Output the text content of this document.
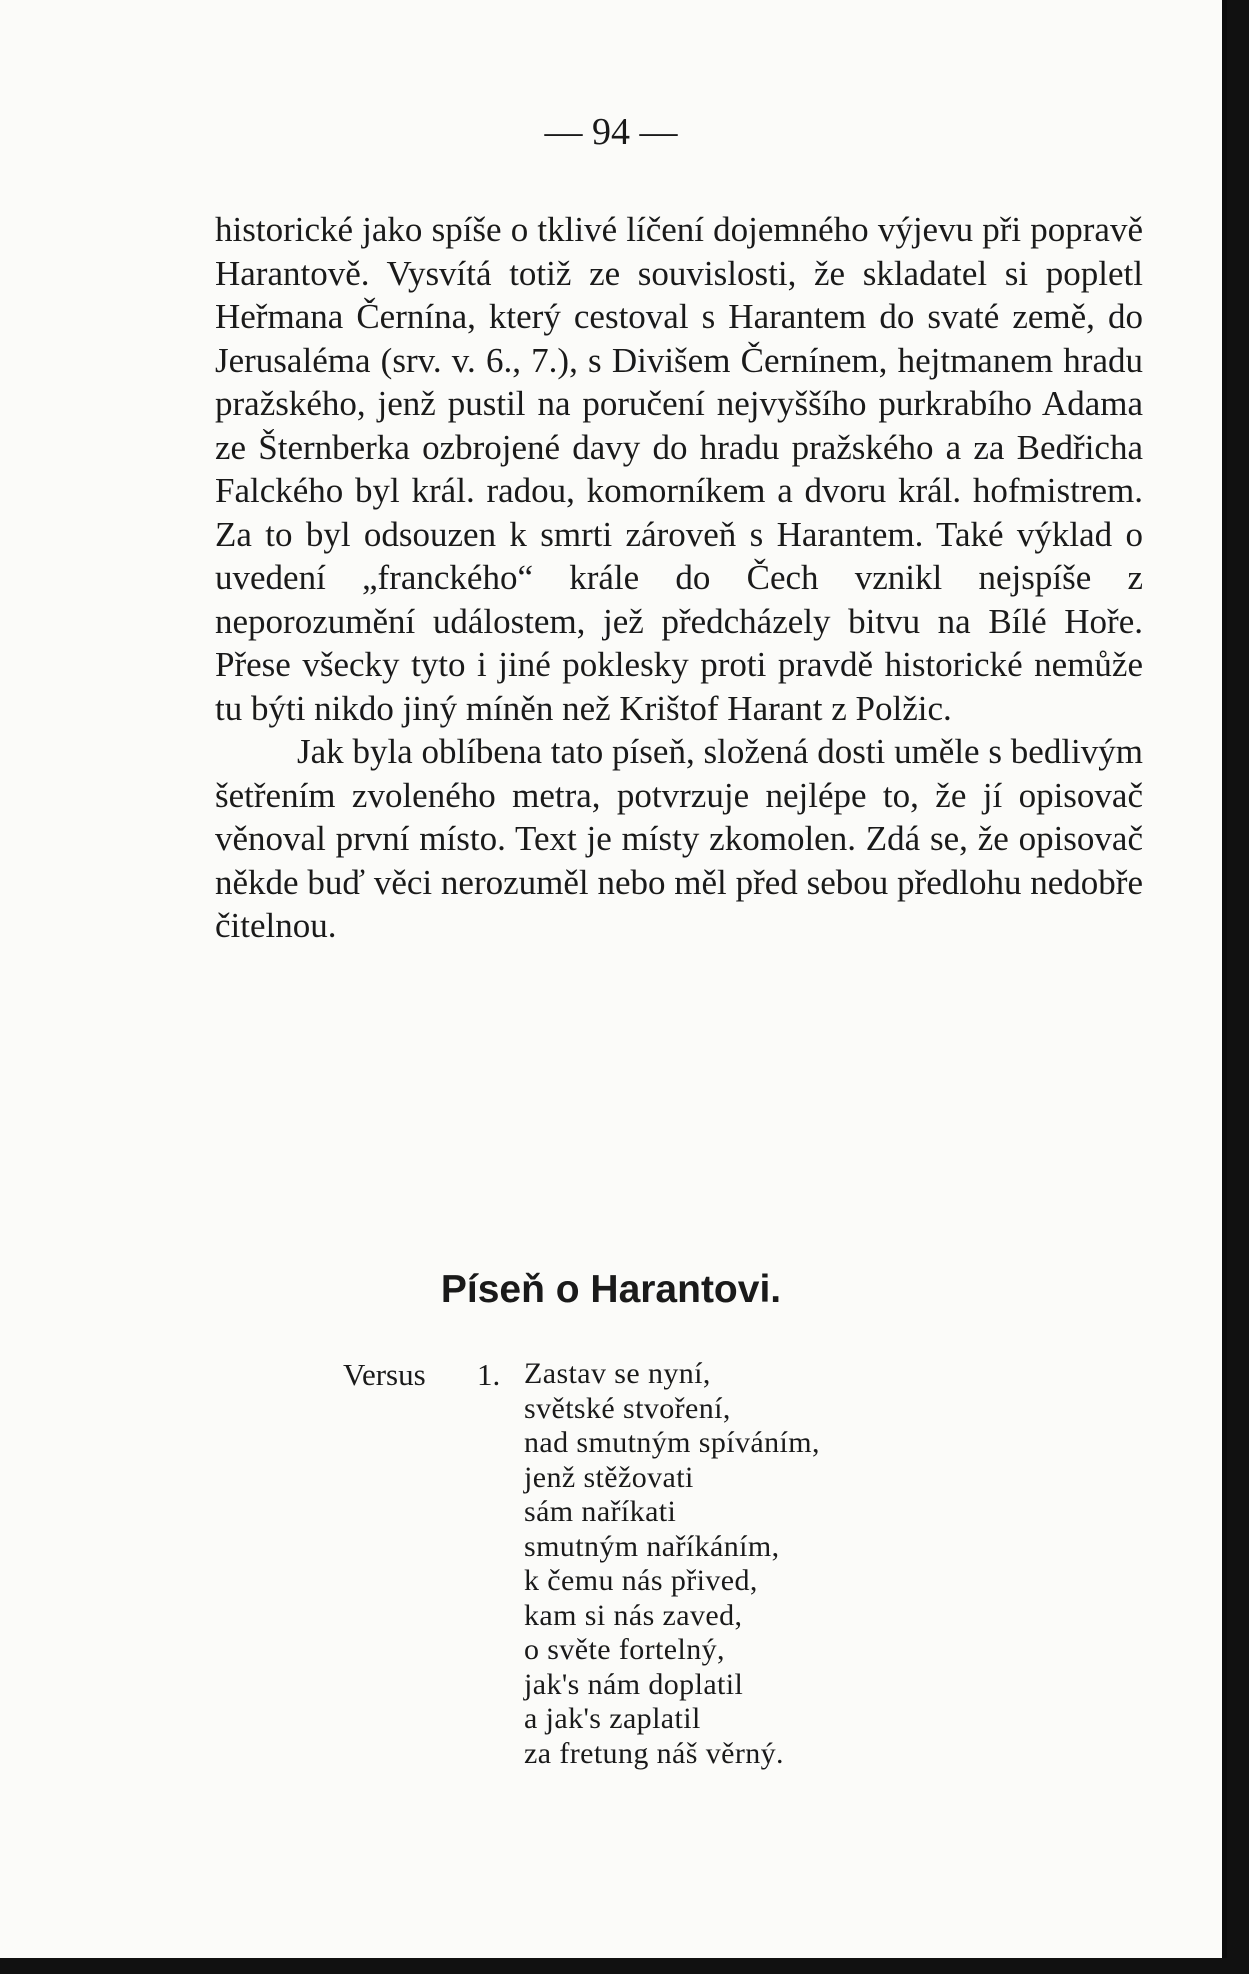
— 94 —

historické jako spíše o tklivé líčení dojemného výjevu při popravě Harantově. Vysvítá totiž ze souvislosti, že skladatel si popletl Heřmana Černína, který cestoval s Harantem do svaté země, do Jerusaléma (srv. v. 6., 7.), s Divišem Černínem, hejtmanem hradu pražského, jenž pustil na poručení nejvyššího purkrabího Adama ze Šternberka ozbrojené davy do hradu pražského a za Bedřicha Falckého byl král. radou, komorníkem a dvoru král. hofmistrem. Za to byl odsouzen k smrti zároveň s Harantem. Také výklad o uvedení „franckého“ krále do Čech vznikl nejspíše z neporozumění událostem, jež předcházely bitvu na Bílé Hoře. Přese všecky tyto i jiné poklesky proti pravdě historické nemůže tu býti nikdo jiný míněn než Krištof Harant z Polžic.

Jak byla oblíbena tato píseň, složená dosti uměle s bedlivým šetřením zvoleného metra, potvrzuje nejlépe to, že jí opisovač věnoval první místo. Text je místy zkomolen. Zdá se, že opisovač někde buď věci nerozuměl nebo měl před sebou předlohu nedobře čitelnou.

Píseň o Harantovi.
Versus 1. Zastav se nyní,
světské stvoření,
nad smutným spíváním,
jenž stěžovati
sám naříkati
smutným naříkáním,
k čemu nás přived,
kam si nás zaved,
o světe fortelný,
jak's nám doplatil
a jak's zaplatil
za fretung náš věrný.
